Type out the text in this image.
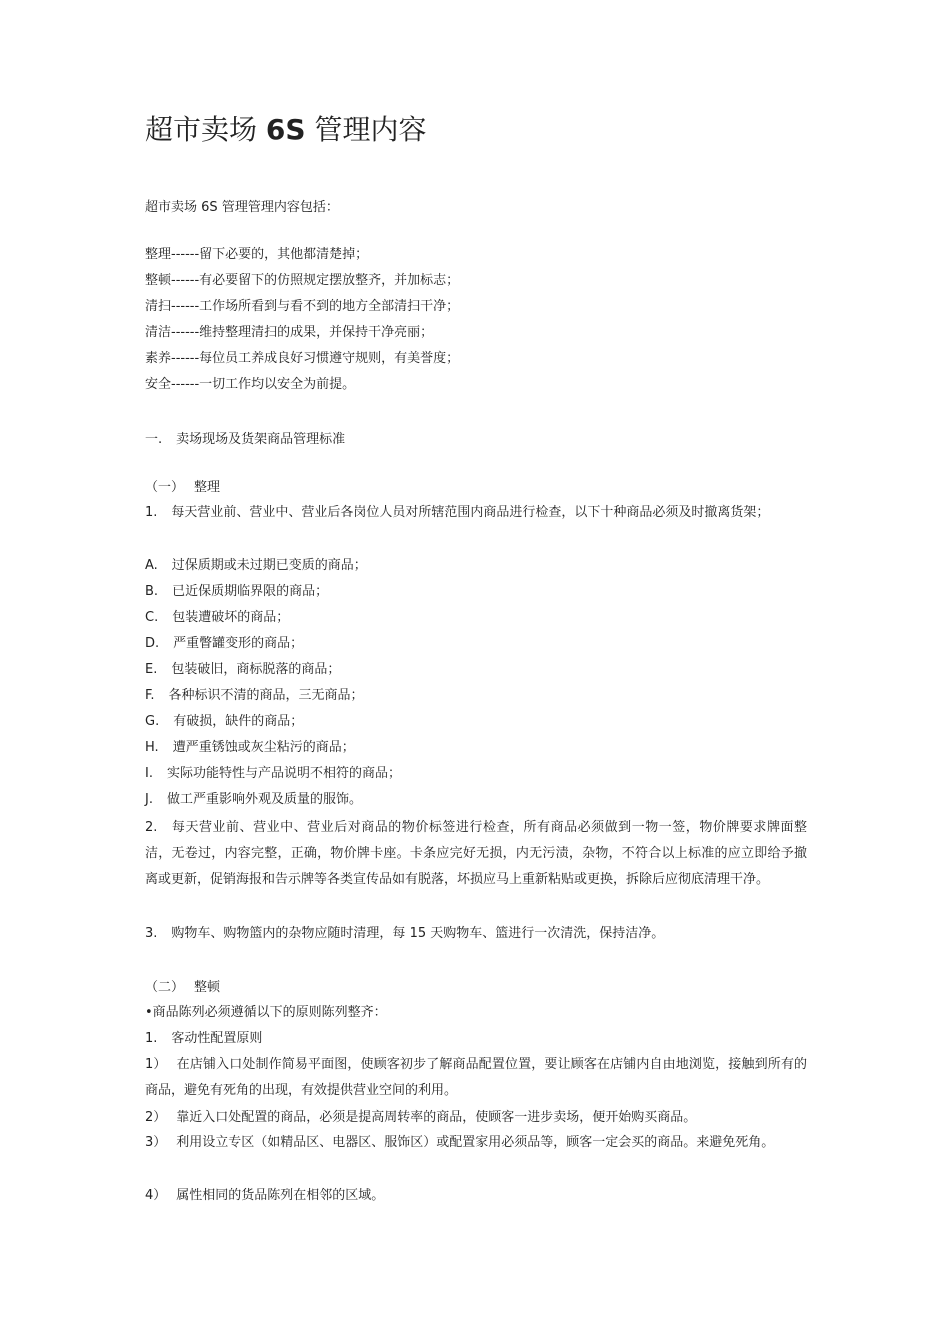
超市卖场 6S 管理内容
超市卖场 6S 管理管理内容包括：
整理------留下必要的，其他都清楚掉；
整顿------有必要留下的仿照规定摆放整齐，并加标志；
清扫------工作场所看到与看不到的地方全部清扫干净；
清洁------维持整理清扫的成果，并保持干净亮丽；
素养------每位员工养成良好习惯遵守规则，有美誉度；
安全------一切工作均以安全为前提。
一. 卖场现场及货架商品管理标准
（一） 整理
1. 每天营业前、营业中、营业后各岗位人员对所辖范围内商品进行检查，以下十种商品必须及时撤离货架；
A. 过保质期或未过期已变质的商品；
B. 已近保质期临界限的商品；
C. 包装遭破坏的商品；
D. 严重瞥罐变形的商品；
E. 包装破旧，商标脱落的商品；
F. 各种标识不清的商品，三无商品；
G. 有破损，缺件的商品；
H. 遭严重锈蚀或灰尘粘污的商品；
I. 实际功能特性与产品说明不相符的商品；
J. 做工严重影响外观及质量的服饰。
2. 每天营业前、营业中、营业后对商品的物价标签进行检查，所有商品必须做到一物一签，物价牌要求牌面整洁，无卷过，内容完整，正确，物价牌卡座。卡条应完好无损，内无污渍，杂物，不符合以上标准的应立即给予撤离或更新，促销海报和告示牌等各类宣传品如有脱落，坏损应马上重新粘贴或更换，拆除后应彻底清理干净。
3. 购物车、购物篮内的杂物应随时清理，每 15 天购物车、篮进行一次清洗，保持洁净。
（二） 整顿
•商品陈列必须遵循以下的原则陈列整齐：
1. 客动性配置原则
1） 在店铺入口处制作简易平面图，使顾客初步了解商品配置位置，要让顾客在店铺内自由地浏览，接触到所有的商品，避免有死角的出现，有效提供营业空间的利用。
2） 靠近入口处配置的商品，必须是提高周转率的商品，使顾客一进步卖场，便开始购买商品。
3） 利用设立专区（如精品区、电器区、服饰区）或配置家用必须品等，顾客一定会买的商品。来避免死角。
4） 属性相同的货品陈列在相邻的区域。
